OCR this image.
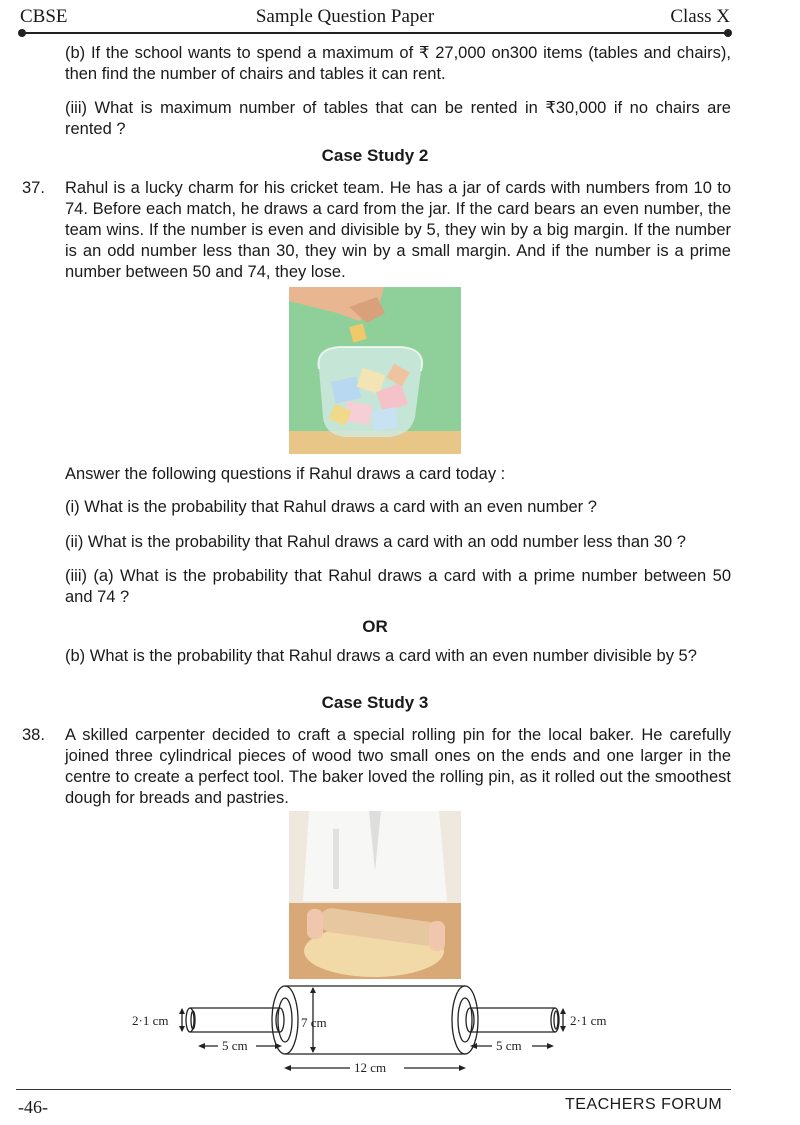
CBSE	Sample Question Paper	Class X
(b) If the school wants to spend a maximum of ₹ 27,000 on300 items (tables and chairs), then find the number of chairs and tables it can rent.
(iii) What is maximum number of tables that can be rented in ₹30,000 if no chairs are rented ?
Case Study 2
37. Rahul is a lucky charm for his cricket team. He has a jar of cards with numbers from 10 to 74. Before each match, he draws a card from the jar. If the card bears an even number, the team wins. If the number is even and divisible by 5, they win by a big margin. If the number is an odd number less than 30, they win by a small margin. And if the number is a prime number between 50 and 74, they lose.
Answer the following questions if Rahul draws a card today :
(i) What is the probability that Rahul draws a card with an even number ?
(ii) What is the probability that Rahul draws a card with an odd number less than 30 ?
(iii) (a) What is the probability that Rahul draws a card with a prime number between 50 and 74 ?
OR
(b) What is the probability that Rahul draws a card with an even number divisible by 5?
Case Study 3
38. A skilled carpenter decided to craft a special rolling pin for the local baker. He carefully joined three cylindrical pieces of wood two small ones on the ends and one larger in the centre to create a perfect tool. The baker loved the rolling pin, as it rolled out the smoothest dough for breads and pastries.
2·1 cm
5 cm
7 cm
12 cm
5 cm
2·1 cm
-46-	TEACHERS FORUM
